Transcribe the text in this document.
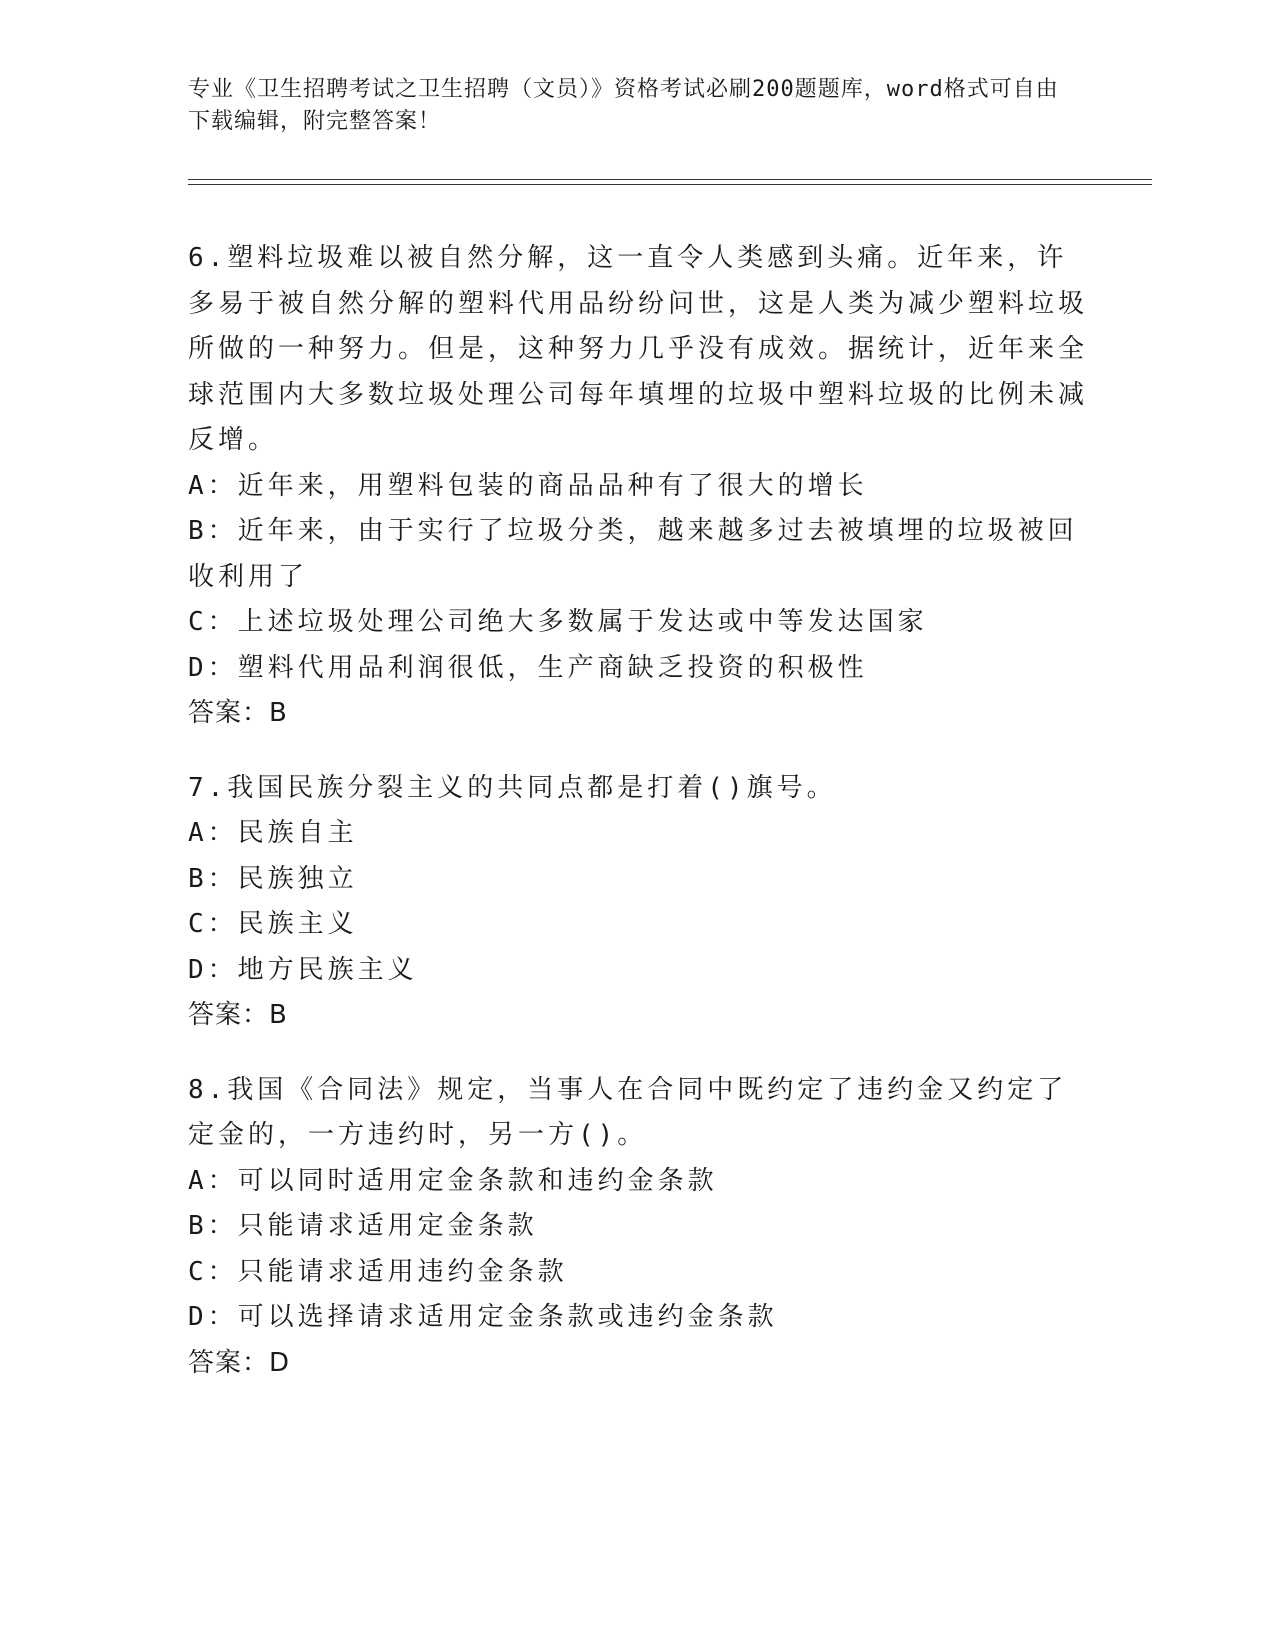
专业《卫生招聘考试之卫生招聘（文员）》资格考试必刷200题题库，word格式可自由下载编辑，附完整答案！
6.塑料垃圾难以被自然分解，这一直令人类感到头痛。近年来，许多易于被自然分解的塑料代用品纷纷问世，这是人类为减少塑料垃圾所做的一种努力。但是，这种努力几乎没有成效。据统计，近年来全球范围内大多数垃圾处理公司每年填埋的垃圾中塑料垃圾的比例未减反增。
A：近年来，用塑料包装的商品品种有了很大的增长
B：近年来，由于实行了垃圾分类，越来越多过去被填埋的垃圾被回收利用了
C：上述垃圾处理公司绝大多数属于发达或中等发达国家
D：塑料代用品利润很低，生产商缺乏投资的积极性
答案：B
7.我国民族分裂主义的共同点都是打着()旗号。
A：民族自主
B：民族独立
C：民族主义
D：地方民族主义
答案：B
8.我国《合同法》规定，当事人在合同中既约定了违约金又约定了定金的，一方违约时，另一方()。
A：可以同时适用定金条款和违约金条款
B：只能请求适用定金条款
C：只能请求适用违约金条款
D：可以选择请求适用定金条款或违约金条款
答案：D
